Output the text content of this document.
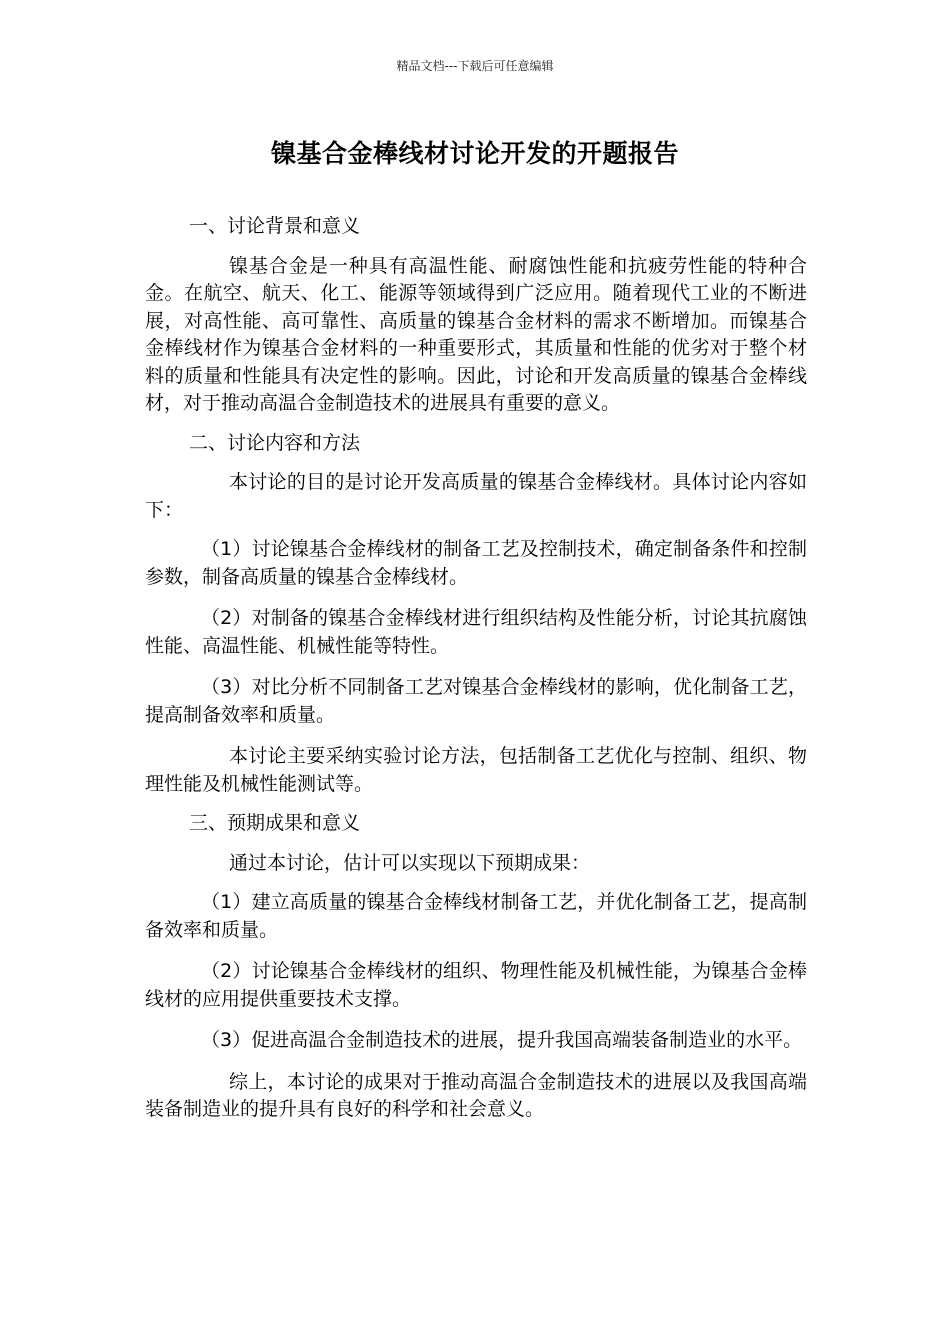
精品文档---下载后可任意编辑
镍基合金棒线材讨论开发的开题报告
一、讨论背景和意义
镍基合金是一种具有高温性能、耐腐蚀性能和抗疲劳性能的特种合金。在航空、航天、化工、能源等领域得到广泛应用。随着现代工业的不断进展，对高性能、高可靠性、高质量的镍基合金材料的需求不断增加。而镍基合金棒线材作为镍基合金材料的一种重要形式，其质量和性能的优劣对于整个材料的质量和性能具有决定性的影响。因此，讨论和开发高质量的镍基合金棒线材，对于推动高温合金制造技术的进展具有重要的意义。
二、讨论内容和方法
本讨论的目的是讨论开发高质量的镍基合金棒线材。具体讨论内容如下：
（1）讨论镍基合金棒线材的制备工艺及控制技术，确定制备条件和控制参数，制备高质量的镍基合金棒线材。
（2）对制备的镍基合金棒线材进行组织结构及性能分析，讨论其抗腐蚀性能、高温性能、机械性能等特性。
（3）对比分析不同制备工艺对镍基合金棒线材的影响，优化制备工艺，提高制备效率和质量。
本讨论主要采纳实验讨论方法，包括制备工艺优化与控制、组织、物理性能及机械性能测试等。
三、预期成果和意义
通过本讨论，估计可以实现以下预期成果：
（1）建立高质量的镍基合金棒线材制备工艺，并优化制备工艺，提高制备效率和质量。
（2）讨论镍基合金棒线材的组织、物理性能及机械性能，为镍基合金棒线材的应用提供重要技术支撑。
（3）促进高温合金制造技术的进展，提升我国高端装备制造业的水平。
综上，本讨论的成果对于推动高温合金制造技术的进展以及我国高端装备制造业的提升具有良好的科学和社会意义。
